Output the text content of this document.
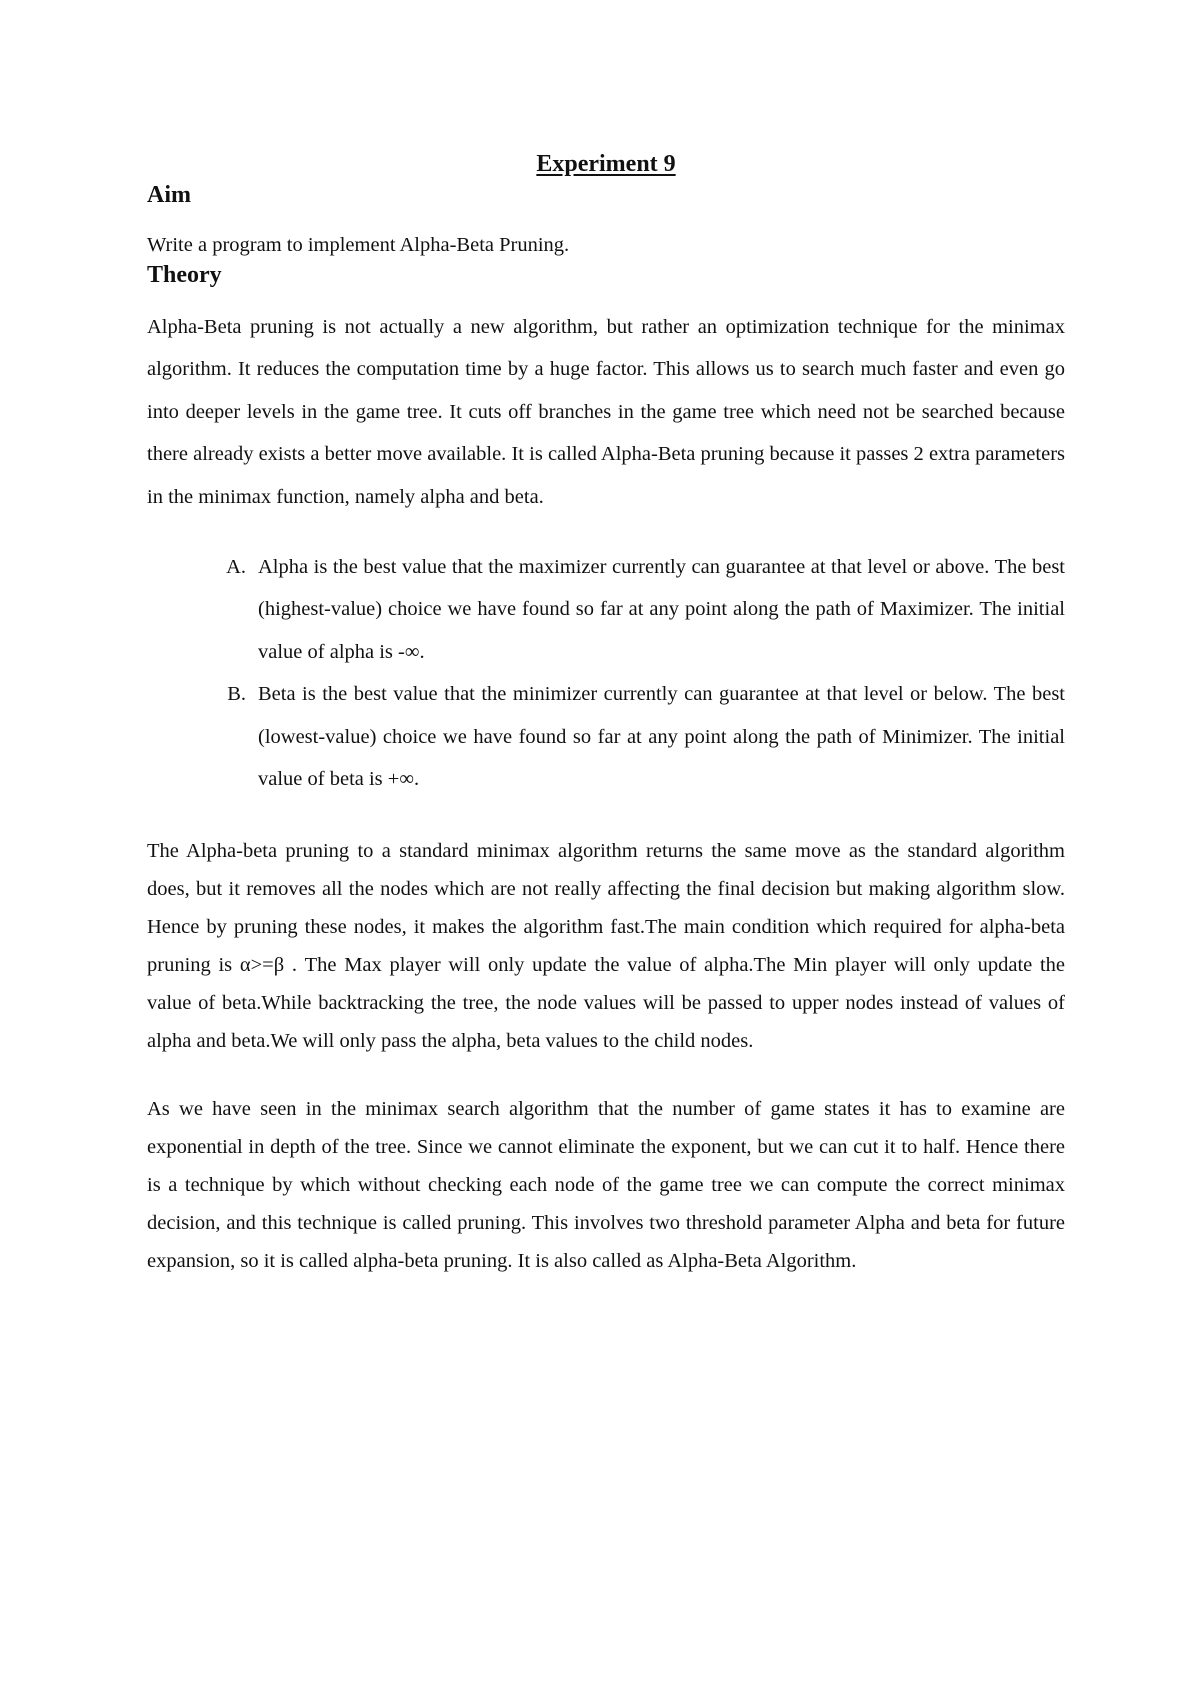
Experiment 9
Aim

Write a program to implement Alpha-Beta Pruning.

Theory

Alpha-Beta pruning is not actually a new algorithm, but rather an optimization technique for the minimax algorithm. It reduces the computation time by a huge factor. This allows us to search much faster and even go into deeper levels in the game tree. It cuts off branches in the game tree which need not be searched because there already exists a better move available. It is called Alpha-Beta pruning because it passes 2 extra parameters in the minimax function, namely alpha and beta.

A. Alpha is the best value that the maximizer currently can guarantee at that level or above. The best (highest-value) choice we have found so far at any point along the path of Maximizer. The initial value of alpha is -∞.
B. Beta is the best value that the minimizer currently can guarantee at that level or below. The best (lowest-value) choice we have found so far at any point along the path of Minimizer. The initial value of beta is +∞.

The Alpha-beta pruning to a standard minimax algorithm returns the same move as the standard algorithm does, but it removes all the nodes which are not really affecting the final decision but making algorithm slow. Hence by pruning these nodes, it makes the algorithm fast.The main condition which required for alpha-beta pruning is α>=β . The Max player will only update the value of alpha.The Min player will only update the value of beta.While backtracking the tree, the node values will be passed to upper nodes instead of values of alpha and beta.We will only pass the alpha, beta values to the child nodes.

As we have seen in the minimax search algorithm that the number of game states it has to examine are exponential in depth of the tree. Since we cannot eliminate the exponent, but we can cut it to half. Hence there is a technique by which without checking each node of the game tree we can compute the correct minimax decision, and this technique is called pruning. This involves two threshold parameter Alpha and beta for future expansion, so it is called alpha-beta pruning. It is also called as Alpha-Beta Algorithm.
